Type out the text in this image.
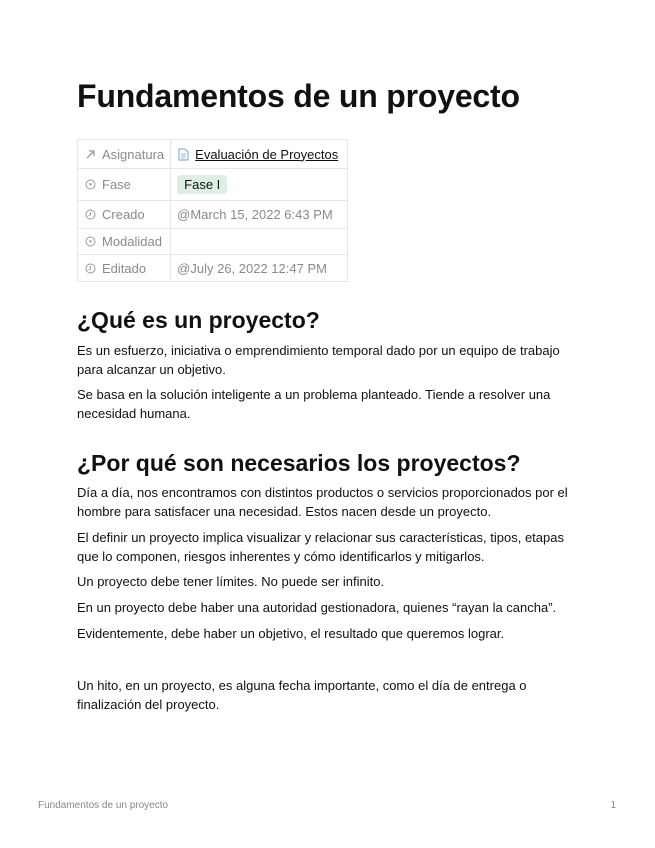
Fundamentos de un proyecto
Asignatura	Evaluación de Proyectos

Fase	Fase I

Creado	@March 15, 2022 6:43 PM

Modalidad	

Editado	@July 26, 2022 12:47 PM
¿Qué es un proyecto?

Es un esfuerzo, iniciativa o emprendimiento temporal dado por un equipo de trabajo para alcanzar un objetivo.

Se basa en la solución inteligente a un problema planteado. Tiende a resolver una necesidad humana.

¿Por qué son necesarios los proyectos?

Día a día, nos encontramos con distintos productos o servicios proporcionados por el hombre para satisfacer una necesidad. Estos nacen desde un proyecto.

El definir un proyecto implica visualizar y relacionar sus características, tipos, etapas que lo componen, riesgos inherentes y cómo identificarlos y mitigarlos.

Un proyecto debe tener límites. No puede ser infinito.

En un proyecto debe haber una autoridad gestionadora, quienes “rayan la cancha”.

Evidentemente, debe haber un objetivo, el resultado que queremos lograr.

Un hito, en un proyecto, es alguna fecha importante, como el día de entrega o finalización del proyecto.

Fundamentos de un proyecto	1
